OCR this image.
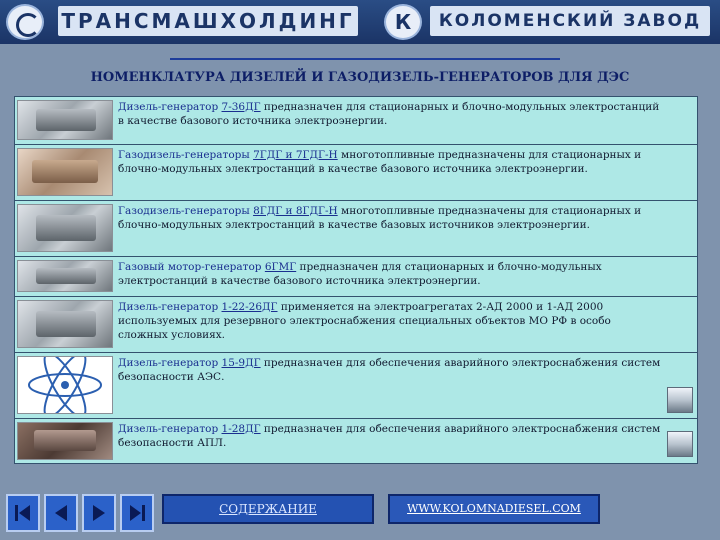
ТРАНСМАШХОЛДИНГ	К	КОЛОМЕНСКИЙ ЗАВОД
НОМЕНКЛАТУРА ДИЗЕЛЕЙ И ГАЗОДИЗЕЛЬ-ГЕНЕРАТОРОВ ДЛЯ ДЭС
Дизель-генератор 7-36ДГ предназначен для стационарных и блочно-модульных электростанций в качестве базового источника электроэнергии.
Газодизель-генераторы 7ГДГ и 7ГДГ-Н многотопливные предназначены для стационарных и блочно-модульных электростанций в качестве базового источника электроэнергии.
Газодизель-генераторы 8ГДГ и 8ГДГ-Н многотопливные предназначены для стационарных и блочно-модульных электростанций в качестве базовых источников электроэнергии.
Газовый мотор-генератор 6ГМГ предназначен для стационарных и блочно-модульных электростанций в качестве базового источника электроэнергии.
Дизель-генератор 1-22-26ДГ применяется на электроагрегатах 2-АД 2000 и 1-АД 2000 используемых для резервного электроснабжения специальных объектов МО РФ в особо сложных условиях.
Дизель-генератор 15-9ДГ предназначен для обеспечения аварийного электроснабжения систем безопасности АЭС.
Дизель-генератор 1-28ДГ предназначен для обеспечения аварийного электроснабжения систем безопасности АПЛ.
СОДЕРЖАНИЕ	WWW.KOLOMNADIESEL.COM
